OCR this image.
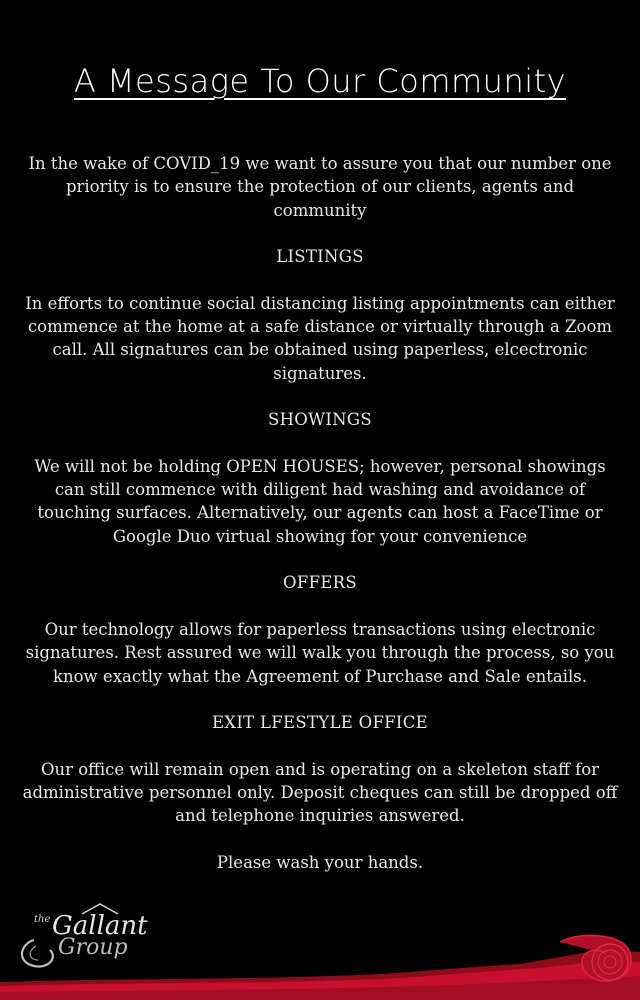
A Message To Our Community

In the wake of COVID_19 we want to assure you that our number one priority is to ensure the protection of our clients, agents and community

LISTINGS

In efforts to continue social distancing listing appointments can either commence at the home at a safe distance or virtually through a Zoom call. All signatures can be obtained using paperless, elcectronic signatures.

SHOWINGS

We will not be holding OPEN HOUSES; however, personal showings can still commence with diligent had washing and avoidance of touching surfaces. Alternatively, our agents can host a FaceTime or Google Duo virtual showing for your convenience

OFFERS

Our technology allows for paperless transactions using electronic signatures. Rest assured we will walk you through the process, so you know exactly what the Agreement of Purchase and Sale entails.

EXIT LFESTYLE OFFICE

Our office will remain open and is operating on a skeleton staff for administrative personnel only. Deposit cheques can still be dropped off and telephone inquiries answered.

Please wash your hands.

the Gallant
Group
